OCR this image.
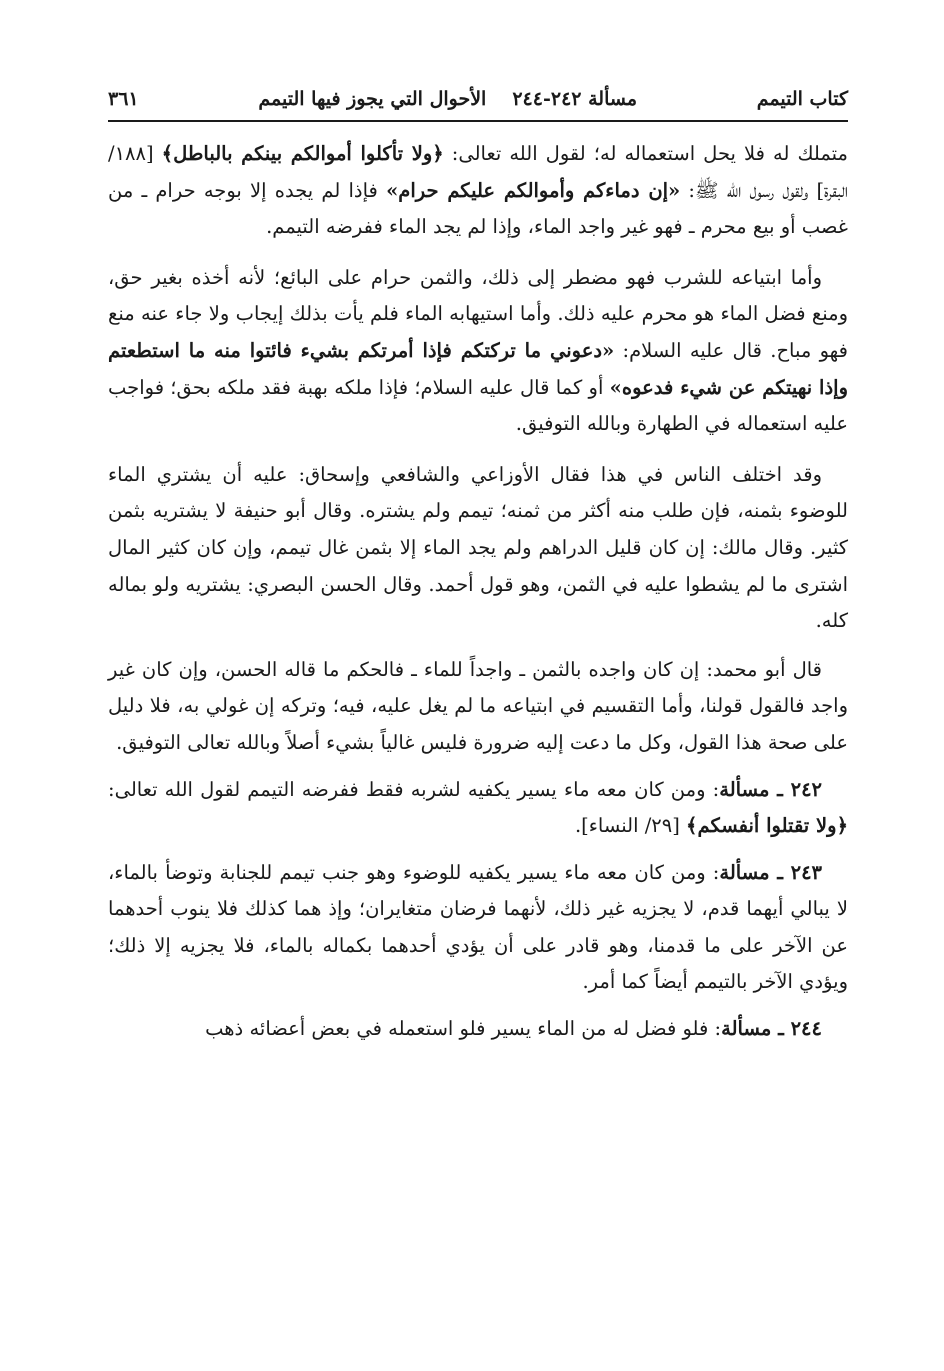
كتاب التيمم
مسألة ٢٤٢-٢٤٤
الأحوال التي يجوز فيها التيمم
٣٦١

متملك له فلا يحل استعماله له؛ لقول الله تعالى: ﴿ولا تأكلوا أموالكم بينكم بالباطل﴾ [١٨٨/ البقرة] ولقول رسول الله ﷺ: «إن دماءكم وأموالكم عليكم حرام» فإذا لم يجده إلا بوجه حرام ـ من غصب أو بيع محرم ـ فهو غير واجد الماء، وإذا لم يجد الماء ففرضه التيمم.

وأما ابتياعه للشرب فهو مضطر إلى ذلك، والثمن حرام على البائع؛ لأنه أخذه بغير حق، ومنع فضل الماء هو محرم عليه ذلك. وأما استيهابه الماء فلم يأت بذلك إيجاب ولا جاء عنه منع فهو مباح. قال عليه السلام: «دعوني ما تركتكم فإذا أمرتكم بشيء فائتوا منه ما استطعتم وإذا نهيتكم عن شيء فدعوه» أو كما قال عليه السلام؛ فإذا ملكه بهبة فقد ملكه بحق؛ فواجب عليه استعماله في الطهارة وبالله التوفيق.

وقد اختلف الناس في هذا فقال الأوزاعي والشافعي وإسحاق: عليه أن يشتري الماء للوضوء بثمنه، فإن طلب منه أكثر من ثمنه؛ تيمم ولم يشتره. وقال أبو حنيفة لا يشتريه بثمن كثير. وقال مالك: إن كان قليل الدراهم ولم يجد الماء إلا بثمن غال تيمم، وإن كان كثير المال اشترى ما لم يشطوا عليه في الثمن، وهو قول أحمد. وقال الحسن البصري: يشتريه ولو بماله كله.

قال أبو محمد: إن كان واجده بالثمن ـ واجداً للماء ـ فالحكم ما قاله الحسن، وإن كان غير واجد فالقول قولنا، وأما التقسيم في ابتياعه ما لم يغل عليه، فيه؛ وتركه إن غولي به، فلا دليل على صحة هذا القول، وكل ما دعت إليه ضرورة فليس غالياً بشيء أصلاً وبالله تعالى التوفيق.

٢٤٢ ـ مسألة: ومن كان معه ماء يسير يكفيه لشربه فقط ففرضه التيمم لقول الله تعالى: ﴿ولا تقتلوا أنفسكم﴾ [٢٩/ النساء].

٢٤٣ ـ مسألة: ومن كان معه ماء يسير يكفيه للوضوء وهو جنب تيمم للجنابة وتوضأ بالماء، لا يبالي أيهما قدم، لا يجزيه غير ذلك، لأنهما فرضان متغايران؛ وإذ هما كذلك فلا ينوب أحدهما عن الآخر على ما قدمنا، وهو قادر على أن يؤدي أحدهما بكماله بالماء، فلا يجزيه إلا ذلك؛ ويؤدي الآخر بالتيمم أيضاً كما أمر.

٢٤٤ ـ مسألة: فلو فضل له من الماء يسير فلو استعمله في بعض أعضائه ذهب
